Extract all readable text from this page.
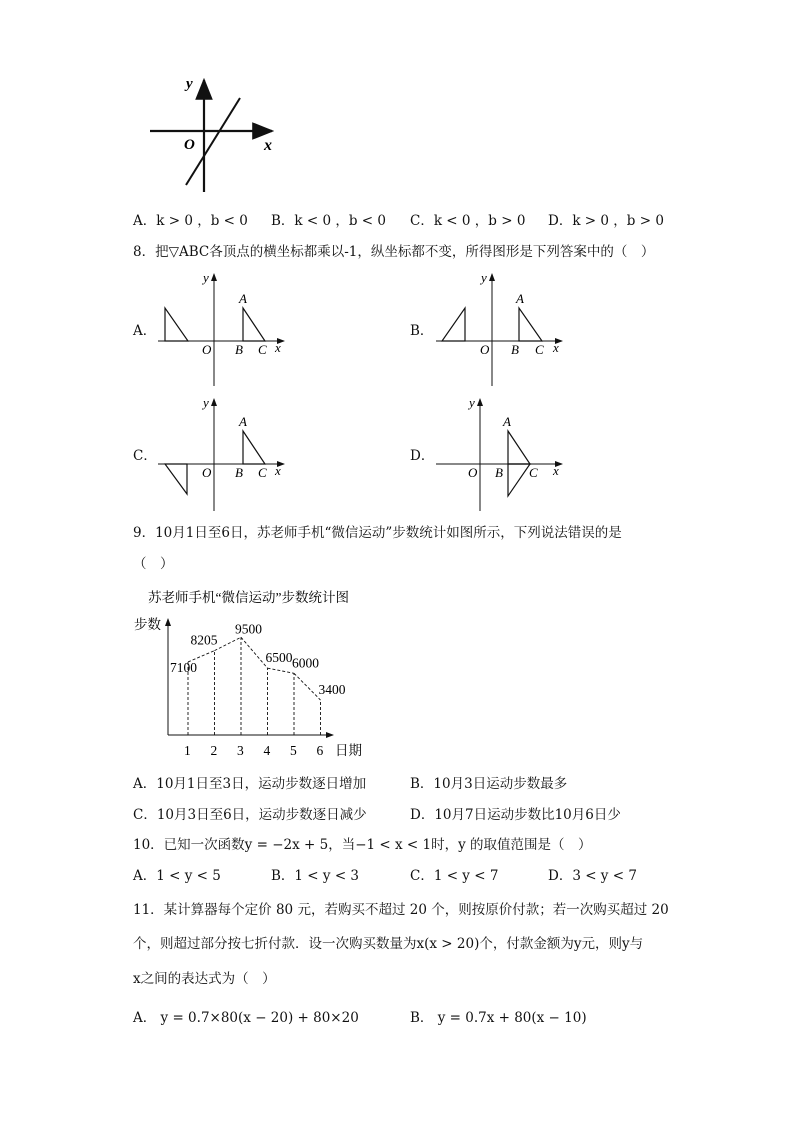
y
x
O
A．k > 0 ，b < 0 B．k < 0 ，b < 0 C．k < 0 ，b > 0 D．k > 0 ，b > 0
8．把▽ABC各顶点的横坐标都乘以-1，纵坐标都不变，所得图形是下列答案中的（　）
A．	B．
C．	D．
y
x
O
A
B C
y
x
O
A
B C
y
x
O
A
B C
y
x
O
A
B C
9．10月1日至6日，苏老师手机“微信运动”步数统计如图所示，下列说法错误的是
（　）
苏老师手机“微信运动”步数统计图
步数
日期
1
7100
2
8205
3
9500
4
6500
5
6000
6
3400
A．10月1日至3日，运动步数逐日增加	B．10月3日运动步数最多
C．10月3日至6日，运动步数逐日减少	D．10月7日运动步数比10月6日少
10．已知一次函数y = −2x + 5，当−1 < x < 1时，y 的取值范围是（　）
A．1 < y < 5	B．1 < y < 3	C．1 < y < 7	D．3 < y < 7
11．某计算器每个定价 80 元，若购买不超过 20 个，则按原价付款；若一次购买超过 20
个，则超过部分按七折付款．设一次购买数量为x(x > 20)个，付款金额为y元，则y与
x之间的表达式为（　）
A． y = 0.7×80(x − 20) + 80×20	B． y = 0.7x + 80(x − 10)
